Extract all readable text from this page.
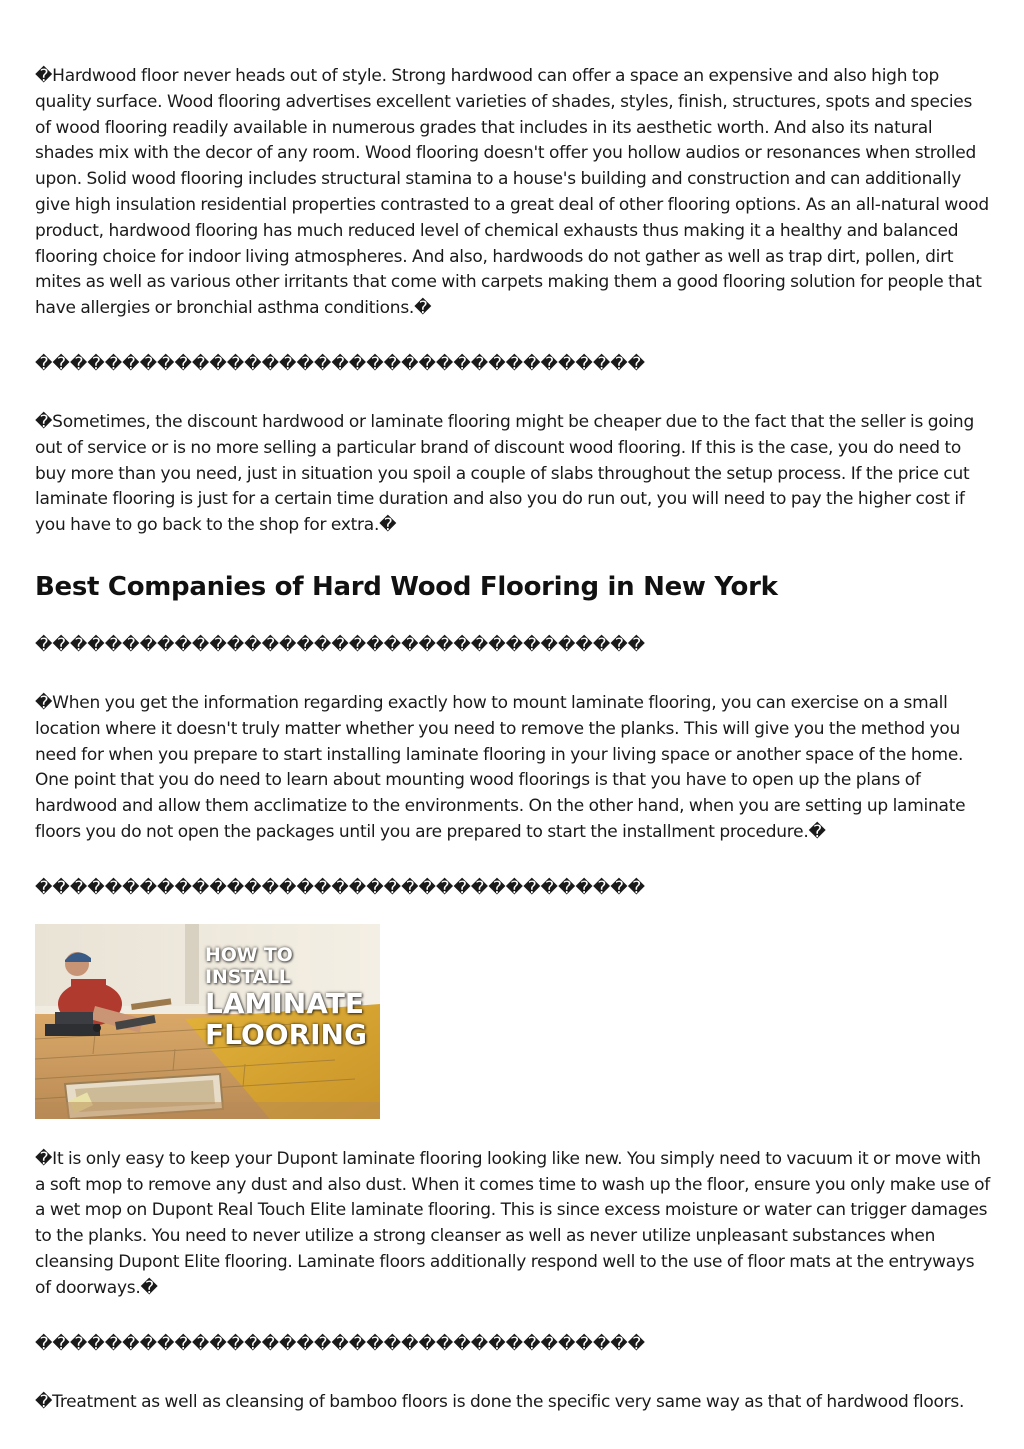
�Hardwood floor never heads out of style. Strong hardwood can offer a space an expensive and also high top quality surface. Wood flooring advertises excellent varieties of shades, styles, finish, structures, spots and species of wood flooring readily available in numerous grades that includes in its aesthetic worth. And also its natural shades mix with the decor of any room. Wood flooring doesn't offer you hollow audios or resonances when strolled upon. Solid wood flooring includes structural stamina to a house's building and construction and can additionally give high insulation residential properties contrasted to a great deal of other flooring options. As an all-natural wood product, hardwood flooring has much reduced level of chemical exhausts thus making it a healthy and balanced flooring choice for indoor living atmospheres. And also, hardwoods do not gather as well as trap dirt, pollen, dirt mites as well as various other irritants that come with carpets making them a good flooring solution for people that have allergies or bronchial asthma conditions.�

�����������������������������������

�Sometimes, the discount hardwood or laminate flooring might be cheaper due to the fact that the seller is going out of service or is no more selling a particular brand of discount wood flooring. If this is the case, you do need to buy more than you need, just in situation you spoil a couple of slabs throughout the setup process. If the price cut laminate flooring is just for a certain time duration and also you do run out, you will need to pay the higher cost if you have to go back to the shop for extra.�

Best Companies of Hard Wood Flooring in New York

�����������������������������������

�When you get the information regarding exactly how to mount laminate flooring, you can exercise on a small location where it doesn't truly matter whether you need to remove the planks. This will give you the method you need for when you prepare to start installing laminate flooring in your living space or another space of the home. One point that you do need to learn about mounting wood floorings is that you have to open up the plans of hardwood and allow them acclimatize to the environments. On the other hand, when you are setting up laminate floors you do not open the packages until you are prepared to start the installment procedure.�

�����������������������������������

HOW TO INSTALL
LAMINATE
FLOORING

�It is only easy to keep your Dupont laminate flooring looking like new. You simply need to vacuum it or move with a soft mop to remove any dust and also dust. When it comes time to wash up the floor, ensure you only make use of a wet mop on Dupont Real Touch Elite laminate flooring. This is since excess moisture or water can trigger damages to the planks. You need to never utilize a strong cleanser as well as never utilize unpleasant substances when cleansing Dupont Elite flooring. Laminate floors additionally respond well to the use of floor mats at the entryways of doorways.�

�����������������������������������

�Treatment as well as cleansing of bamboo floors is done the specific very same way as that of hardwood floors.
